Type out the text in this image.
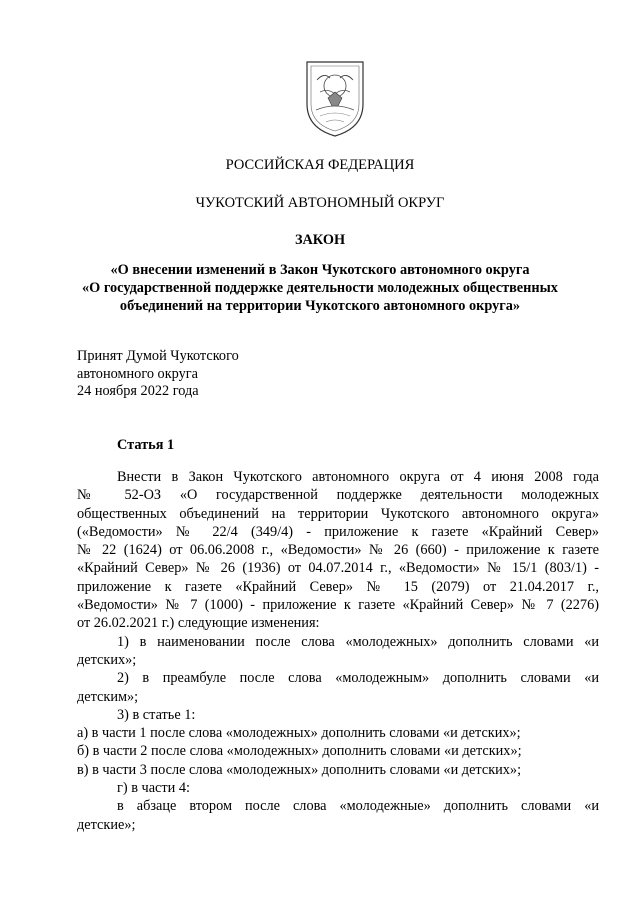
РОССИЙСКАЯ ФЕДЕРАЦИЯ
ЧУКОТСКИЙ АВТОНОМНЫЙ ОКРУГ
ЗАКОН
«О внесении изменений в Закон Чукотского автономного округа
«О государственной поддержке деятельности молодежных общественных
объединений на территории Чукотского автономного округа»
Принят Думой Чукотского
автономного округа
24 ноября 2022 года
Статья 1
Внести в Закон Чукотского автономного округа от 4 июня 2008 года
№ 52-ОЗ «О государственной поддержке деятельности молодежных
общественных объединений на территории Чукотского автономного округа»
(«Ведомости» № 22/4 (349/4) - приложение к газете «Крайний Север»
№ 22 (1624) от 06.06.2008 г., «Ведомости» № 26 (660) - приложение к газете
«Крайний Север» № 26 (1936) от 04.07.2014 г., «Ведомости» № 15/1 (803/1) -
приложение к газете «Крайний Север» № 15 (2079) от 21.04.2017 г.,
«Ведомости» № 7 (1000) - приложение к газете «Крайний Север» № 7 (2276)
от 26.02.2021 г.) следующие изменения:
1) в наименовании после слова «молодежных» дополнить словами «и
детских»;
2) в преамбуле после слова «молодежным» дополнить словами «и
детским»;
3) в статье 1:
а) в части 1 после слова «молодежных» дополнить словами «и детских»;
б) в части 2 после слова «молодежных» дополнить словами «и детских»;
в) в части 3 после слова «молодежных» дополнить словами «и детских»;
г) в части 4:
в абзаце втором после слова «молодежные» дополнить словами «и
детские»;
